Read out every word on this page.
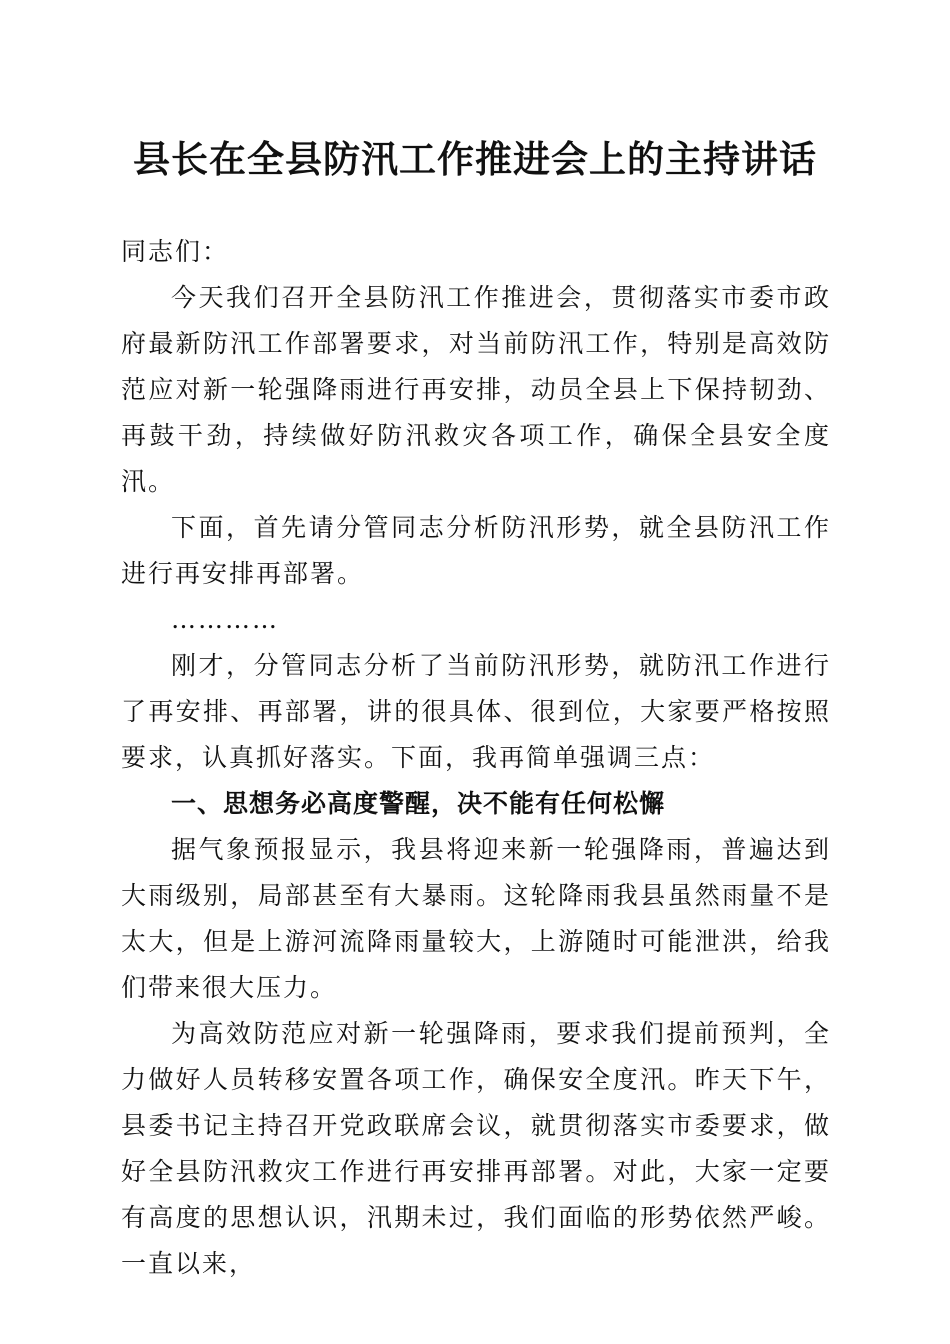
县长在全县防汛工作推进会上的主持讲话

同志们：

今天我们召开全县防汛工作推进会，贯彻落实市委市政府最新防汛工作部署要求，对当前防汛工作，特别是高效防范应对新一轮强降雨进行再安排，动员全县上下保持韧劲、再鼓干劲，持续做好防汛救灾各项工作，确保全县安全度汛。

下面，首先请分管同志分析防汛形势，就全县防汛工作进行再安排再部署。

…………

刚才，分管同志分析了当前防汛形势，就防汛工作进行了再安排、再部署，讲的很具体、很到位，大家要严格按照要求，认真抓好落实。下面，我再简单强调三点：

一、思想务必高度警醒，决不能有任何松懈

据气象预报显示，我县将迎来新一轮强降雨，普遍达到大雨级别，局部甚至有大暴雨。这轮降雨我县虽然雨量不是太大，但是上游河流降雨量较大，上游随时可能泄洪，给我们带来很大压力。

为高效防范应对新一轮强降雨，要求我们提前预判，全力做好人员转移安置各项工作，确保安全度汛。昨天下午，县委书记主持召开党政联席会议，就贯彻落实市委要求，做好全县防汛救灾工作进行再安排再部署。对此，大家一定要有高度的思想认识，汛期未过，我们面临的形势依然严峻。一直以来，
